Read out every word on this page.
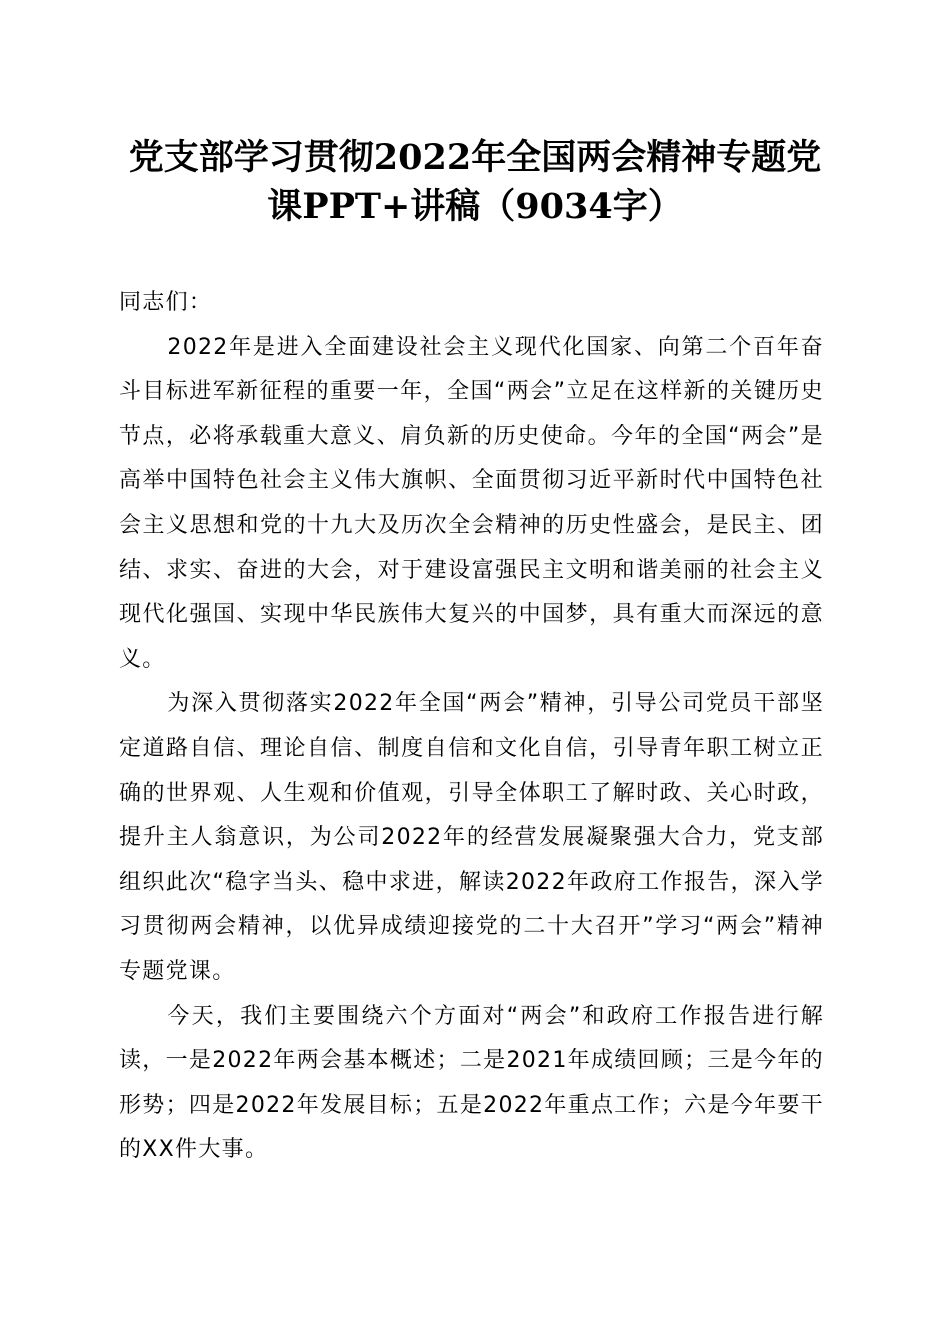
党支部学习贯彻2022年全国两会精神专题党
课PPT+讲稿（9034字）

同志们：

2022年是进入全面建设社会主义现代化国家、向第二个百年奋斗目标进军新征程的重要一年，全国“两会”立足在这样新的关键历史节点，必将承载重大意义、肩负新的历史使命。今年的全国“两会”是高举中国特色社会主义伟大旗帜、全面贯彻习近平新时代中国特色社会主义思想和党的十九大及历次全会精神的历史性盛会，是民主、团结、求实、奋进的大会，对于建设富强民主文明和谐美丽的社会主义现代化强国、实现中华民族伟大复兴的中国梦，具有重大而深远的意义。

为深入贯彻落实2022年全国“两会”精神，引导公司党员干部坚定道路自信、理论自信、制度自信和文化自信，引导青年职工树立正确的世界观、人生观和价值观，引导全体职工了解时政、关心时政，提升主人翁意识，为公司2022年的经营发展凝聚强大合力，党支部组织此次“稳字当头、稳中求进，解读2022年政府工作报告，深入学习贯彻两会精神，以优异成绩迎接党的二十大召开”学习“两会”精神专题党课。

今天，我们主要围绕六个方面对“两会”和政府工作报告进行解读，一是2022年两会基本概述；二是2021年成绩回顾；三是今年的形势；四是2022年发展目标；五是2022年重点工作；六是今年要干的XX件大事。
